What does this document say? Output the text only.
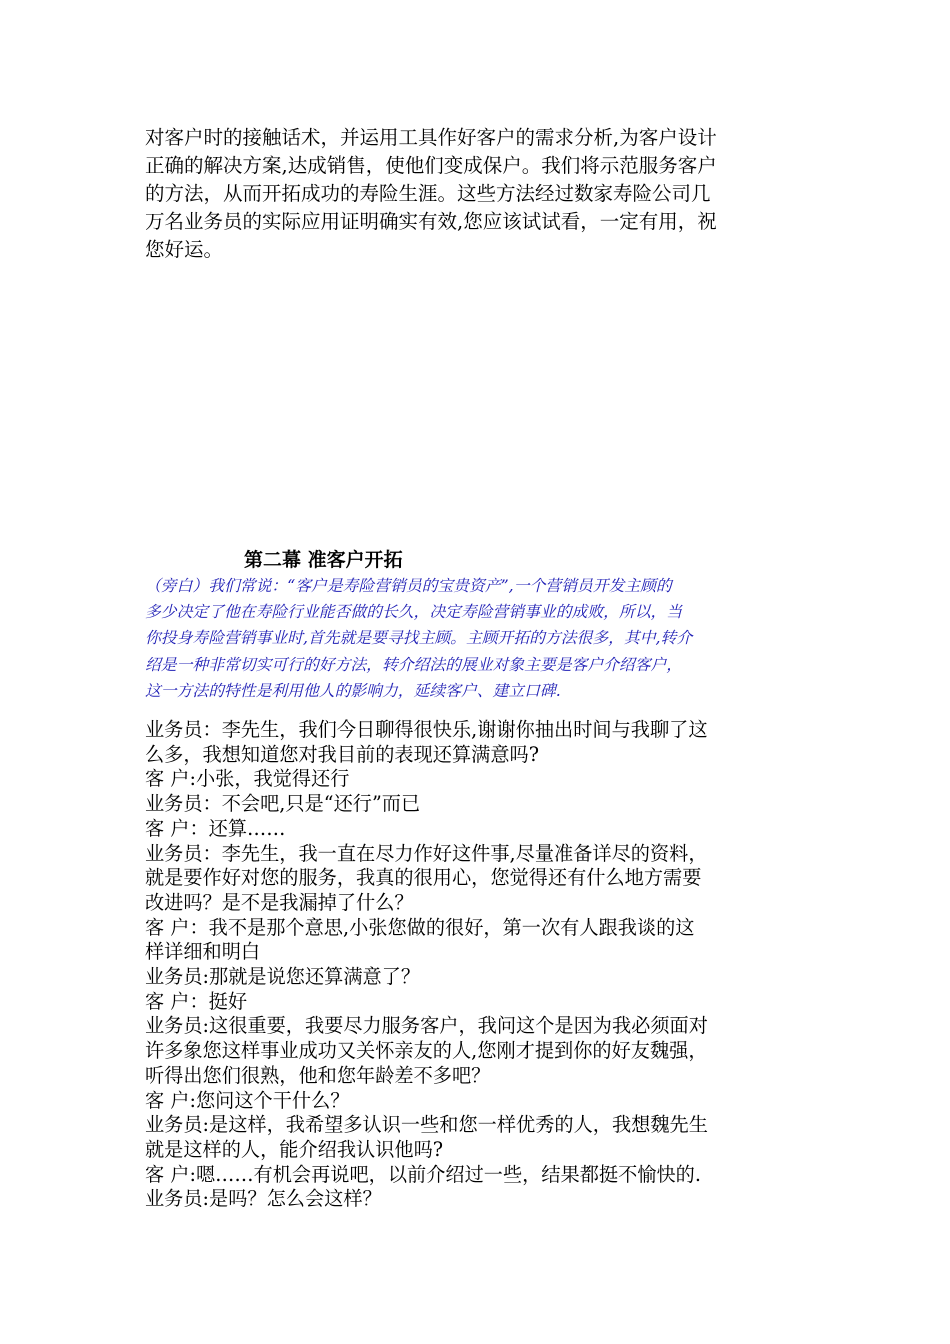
对客户时的接触话术，并运用工具作好客户的需求分析,为客户设计

正确的解决方案,达成销售，使他们变成保户。我们将示范服务客户

的方法，从而开拓成功的寿险生涯。这些方法经过数家寿险公司几

万名业务员的实际应用证明确实有效,您应该试试看，一定有用，祝

您好运。

第二幕 准客户开拓

（旁白）我们常说：“客户是寿险营销员的宝贵资产”,一个营销员开发主顾的

多少决定了他在寿险行业能否做的长久，决定寿险营销事业的成败，所以，当

你投身寿险营销事业时,首先就是要寻找主顾。主顾开拓的方法很多，其中,转介

绍是一种非常切实可行的好方法，转介绍法的展业对象主要是客户介绍客户，

这一方法的特性是利用他人的影响力，延续客户、建立口碑.

业务员：李先生，我们今日聊得很快乐,谢谢你抽出时间与我聊了这

么多，我想知道您对我目前的表现还算满意吗?

客 户:小张，我觉得还行

业务员：不会吧,只是“还行”而已

客 户：还算……

业务员：李先生，我一直在尽力作好这件事,尽量准备详尽的资料，

就是要作好对您的服务，我真的很用心，您觉得还有什么地方需要

改进吗？是不是我漏掉了什么？

客 户：我不是那个意思,小张您做的很好，第一次有人跟我谈的这

样详细和明白

业务员:那就是说您还算满意了？

客 户：挺好

业务员:这很重要，我要尽力服务客户，我问这个是因为我必须面对

许多象您这样事业成功又关怀亲友的人,您刚才提到你的好友魏强，

听得出您们很熟，他和您年龄差不多吧？

客 户:您问这个干什么？

业务员:是这样，我希望多认识一些和您一样优秀的人，我想魏先生

就是这样的人，能介绍我认识他吗?

客 户:嗯……有机会再说吧，以前介绍过一些，结果都挺不愉快的.

业务员:是吗？怎么会这样？
